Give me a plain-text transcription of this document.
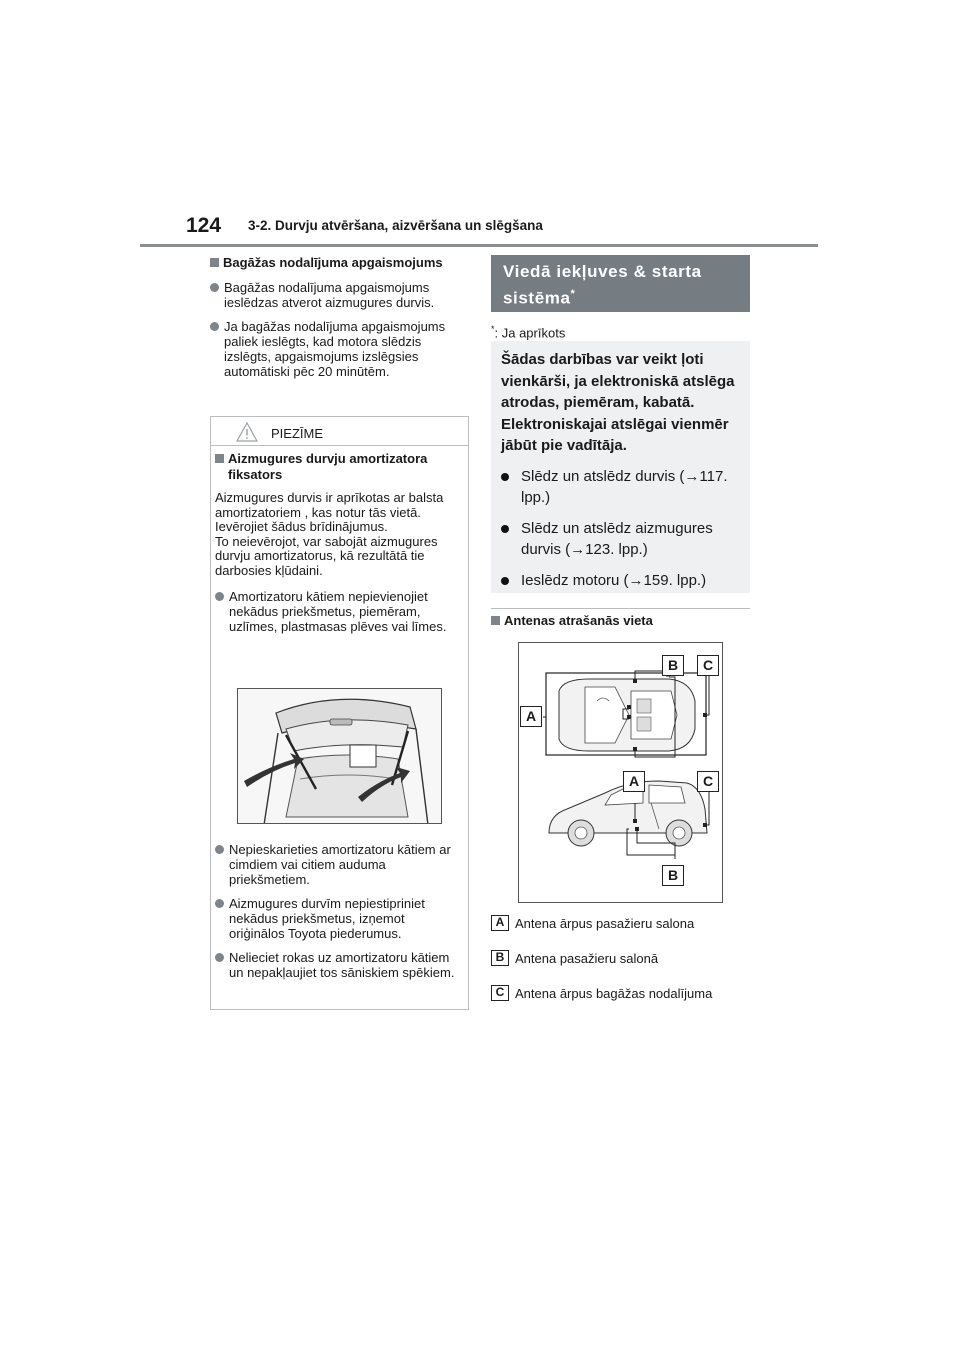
124 3-2. Durvju atvēršana, aizvēršana un slēgšana
Bagāžas nodalījuma apgaismojums
Bagāžas nodalījuma apgaismojums ieslēdzas atverot aizmugures durvis.
Ja bagāžas nodalījuma apgaismojums paliek ieslēgts, kad motora slēdzis izslēgts, apgaismojums izslēgsies automātiski pēc 20 minūtēm.
PIEZĪME
Aizmugures durvju amortizatora fiksators

Aizmugures durvis ir aprīkotas ar balsta amortizatoriem , kas notur tās vietā.
Ievērojiet šādus brīdinājumus.
To neievērojot, var sabojāt aizmugures durvju amortizatorus, kā rezultātā tie darbosies kļūdaini.

Amortizatoru kātiem nepievienojiet nekādus priekšmetus, piemēram, uzlīmes, plastmasas plēves vai līmes.
Nepieskarieties amortizatoru kātiem ar cimdiem vai citiem auduma priekšmetiem.
Aizmugures durvīm nepiestipriniet nekādus priekšmetus, izņemot oriģinālos Toyota piederumus.
Nelieciet rokas uz amortizatoru kātiem un nepakļaujiet tos sāniskiem spēkiem.
Viedā iekļuves & starta sistēma*
*: Ja aprīkots
Šādas darbības var veikt ļoti vienkārši, ja elektroniskā atslēga atrodas, piemēram, kabatā. Elektroniskajai atslēgai vienmēr jābūt pie vadītāja.
Slēdz un atslēdz durvis (→117. lpp.)
Slēdz un atslēdz aizmugures durvis (→123. lpp.)
Ieslēdz motoru (→159. lpp.)
Antenas atrašanās vieta
A
B	C
A	C
B
A Antena ārpus pasažieru salona
B Antena pasažieru salonā
C Antena ārpus bagāžas nodalījuma
